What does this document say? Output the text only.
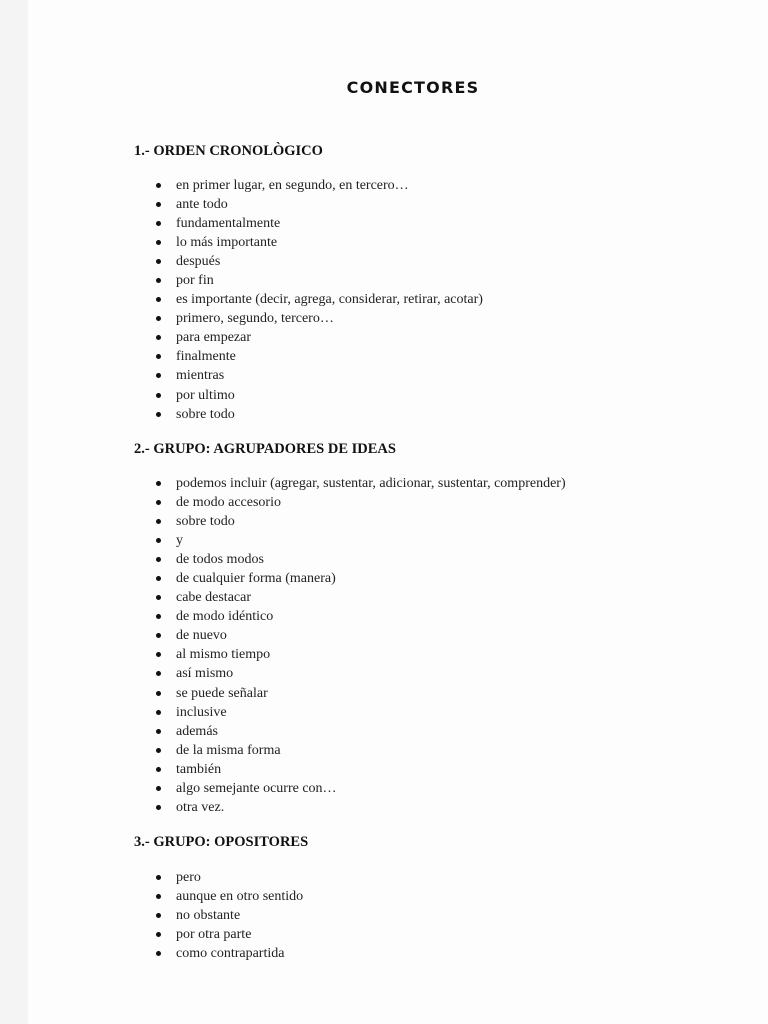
CONECTORES
1.- ORDEN CRONOLÒGICO
en primer lugar, en segundo, en tercero…
ante todo
fundamentalmente
lo más importante
después
por fin
es importante (decir, agrega, considerar, retirar, acotar)
primero, segundo, tercero…
para empezar
finalmente
mientras
por ultimo
sobre todo
2.- GRUPO: AGRUPADORES DE IDEAS
podemos incluir (agregar, sustentar, adicionar, sustentar, comprender)
de modo accesorio
sobre todo
y
de todos modos
de cualquier forma (manera)
cabe destacar
de modo idéntico
de nuevo
al mismo tiempo
así mismo
se puede señalar
inclusive
además
de la misma forma
también
algo semejante ocurre con…
otra vez.
3.- GRUPO: OPOSITORES
pero
aunque en otro sentido
no obstante
por otra parte
como contrapartida
